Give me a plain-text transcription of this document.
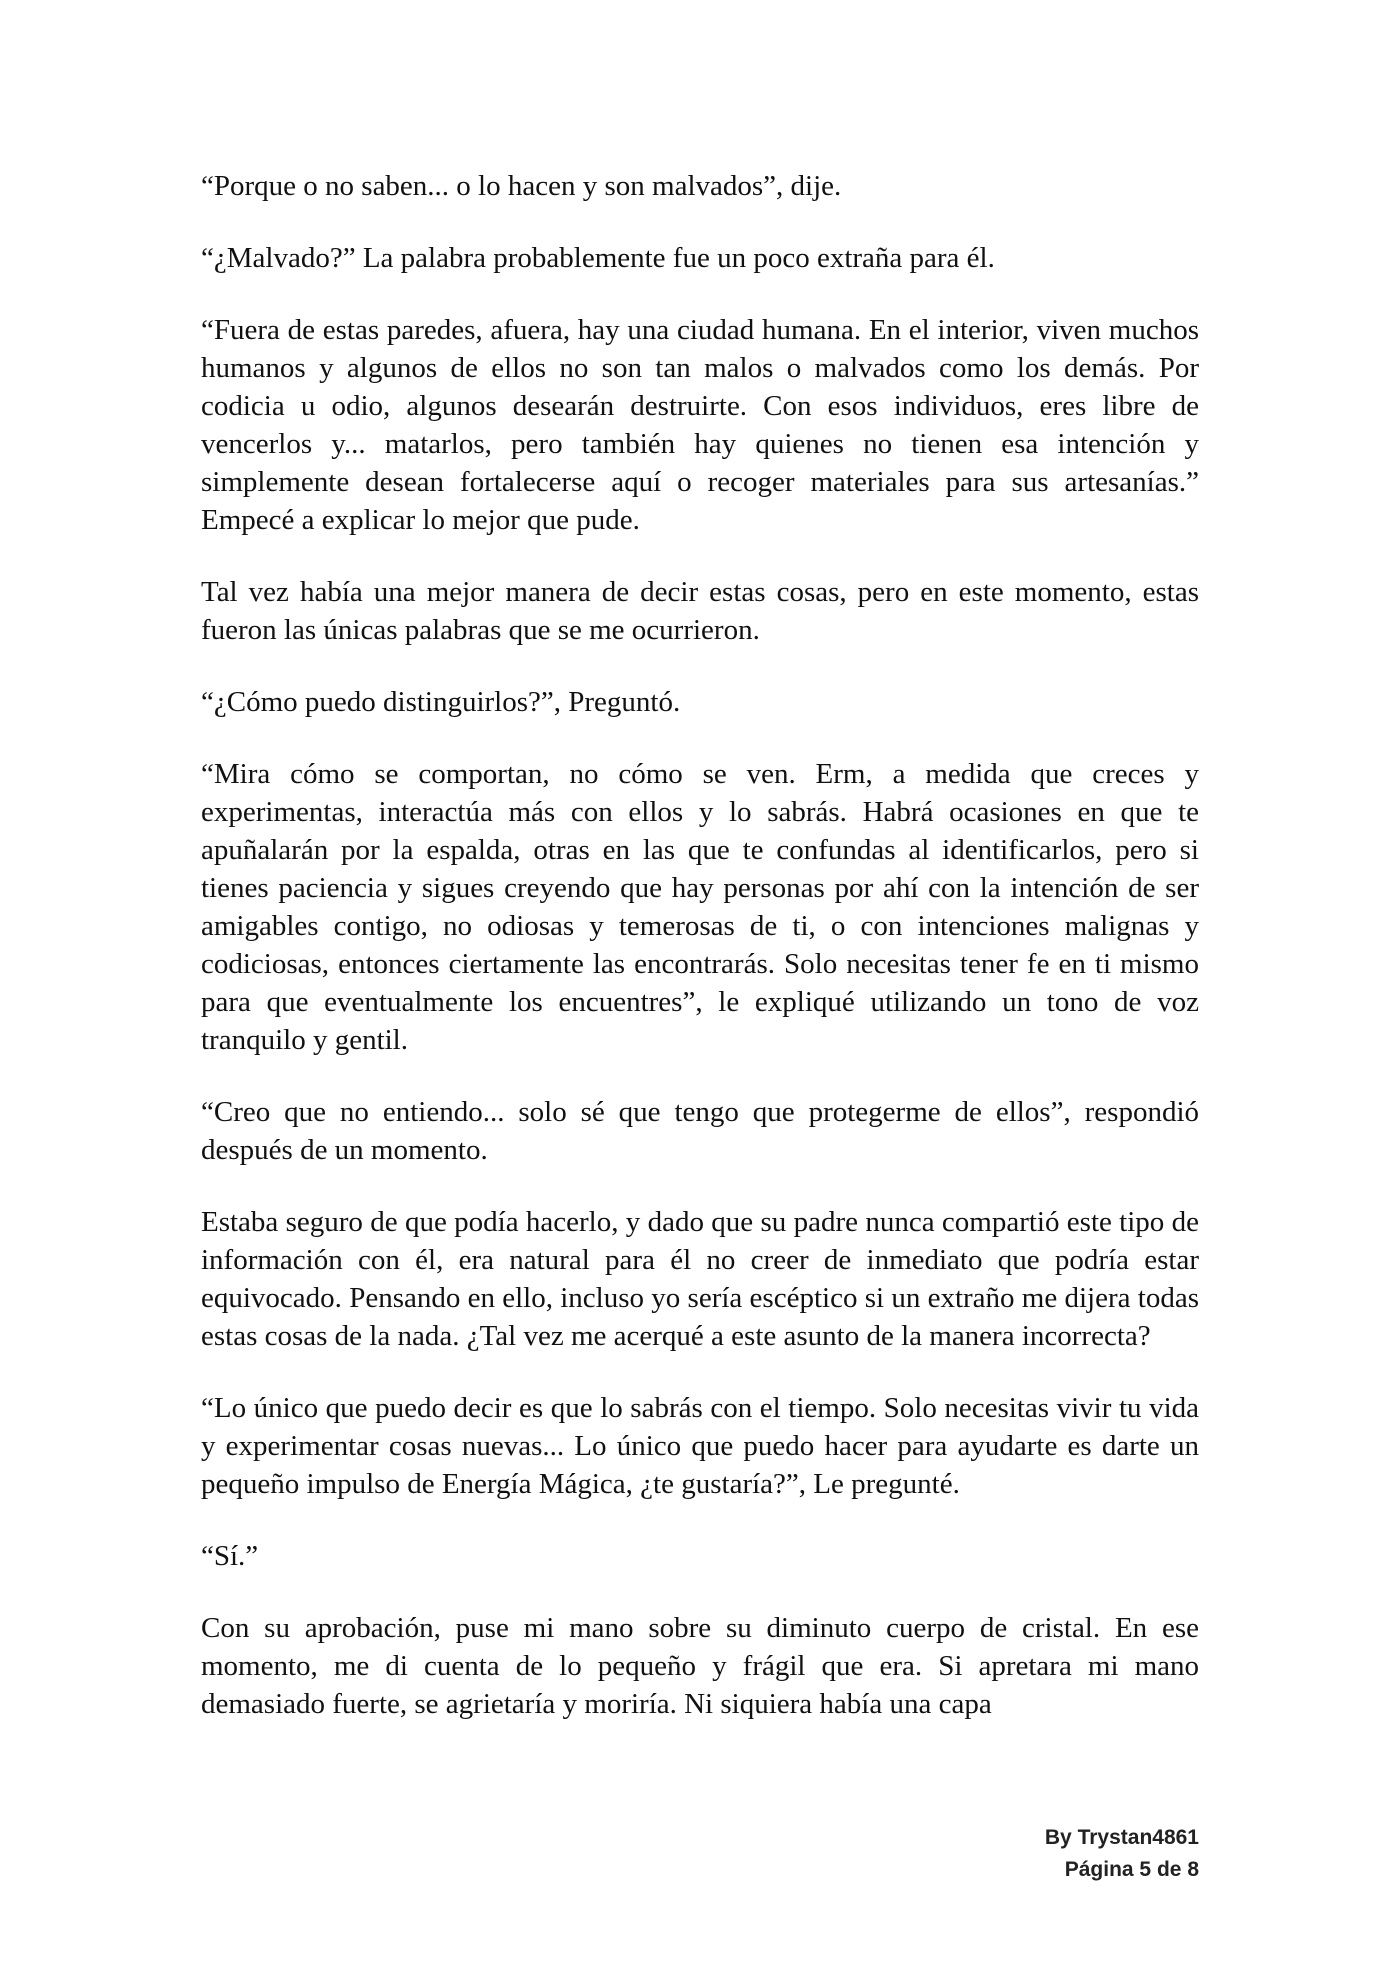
“Porque o no saben... o lo hacen y son malvados”, dije.

“¿Malvado?” La palabra probablemente fue un poco extraña para él.

“Fuera de estas paredes, afuera, hay una ciudad humana. En el interior, viven muchos humanos y algunos de ellos no son tan malos o malvados como los demás. Por codicia u odio, algunos desearán destruirte. Con esos individuos, eres libre de vencerlos y... matarlos, pero también hay quienes no tienen esa intención y simplemente desean fortalecerse aquí o recoger materiales para sus artesanías.” Empecé a explicar lo mejor que pude.

Tal vez había una mejor manera de decir estas cosas, pero en este momento, estas fueron las únicas palabras que se me ocurrieron.

“¿Cómo puedo distinguirlos?”, Preguntó.

“Mira cómo se comportan, no cómo se ven. Erm, a medida que creces y experimentas, interactúa más con ellos y lo sabrás. Habrá ocasiones en que te apuñalarán por la espalda, otras en las que te confundas al identificarlos, pero si tienes paciencia y sigues creyendo que hay personas por ahí con la intención de ser amigables contigo, no odiosas y temerosas de ti, o con intenciones malignas y codiciosas, entonces ciertamente las encontrarás. Solo necesitas tener fe en ti mismo para que eventualmente los encuentres”, le expliqué utilizando un tono de voz tranquilo y gentil.

“Creo que no entiendo... solo sé que tengo que protegerme de ellos”, respondió después de un momento.

Estaba seguro de que podía hacerlo, y dado que su padre nunca compartió este tipo de información con él, era natural para él no creer de inmediato que podría estar equivocado. Pensando en ello, incluso yo sería escéptico si un extraño me dijera todas estas cosas de la nada. ¿Tal vez me acerqué a este asunto de la manera incorrecta?

“Lo único que puedo decir es que lo sabrás con el tiempo. Solo necesitas vivir tu vida y experimentar cosas nuevas... Lo único que puedo hacer para ayudarte es darte un pequeño impulso de Energía Mágica, ¿te gustaría?”, Le pregunté.

“Sí.”

Con su aprobación, puse mi mano sobre su diminuto cuerpo de cristal. En ese momento, me di cuenta de lo pequeño y frágil que era. Si apretara mi mano demasiado fuerte, se agrietaría y moriría. Ni siquiera había una capa

By Trystan4861
Página 5 de 8
